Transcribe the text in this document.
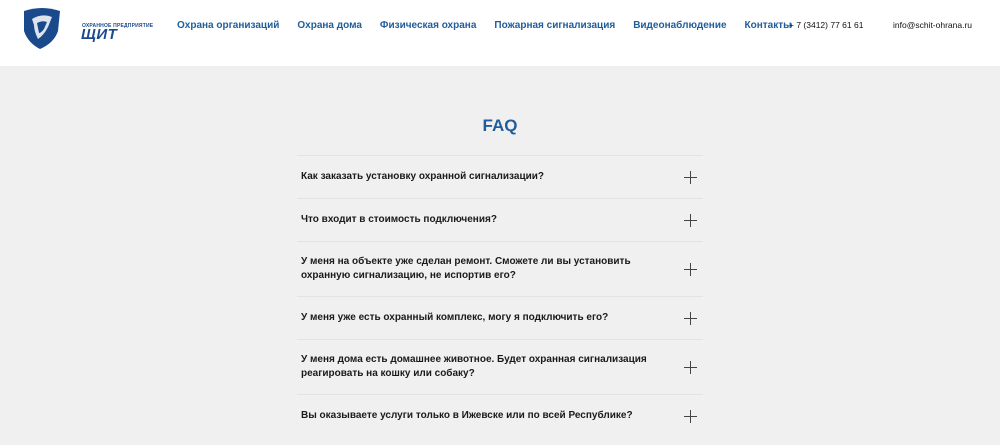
ОХРАННОЕ ПРЕДПРИЯТИЕ
ЩИТ
Охрана организаций Охрана дома Физическая охрана Пожарная сигнализация Видеонаблюдение Контакты
+ 7 (3412) 77 61 61	info@schit-ohrana.ru
FAQ
Как заказать установку охранной сигнализации?
Что входит в стоимость подключения?
У меня на объекте уже сделан ремонт. Сможете ли вы установить охранную сигнализацию, не испортив его?
У меня уже есть охранный комплекс, могу я подключить его?
У меня дома есть домашнее животное. Будет охранная сигнализация реагировать на кошку или собаку?
Вы оказываете услуги только в Ижевске или по всей Республике?
